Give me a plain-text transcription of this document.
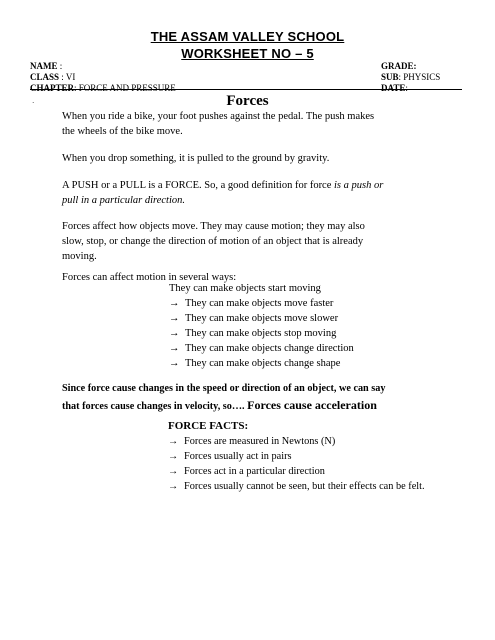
THE ASSAM VALLEY SCHOOL
WORKSHEET NO – 5
NAME :
CLASS : VI
CHAPTER: FORCE AND PRESSURE
GRADE:
SUB: PHYSICS
DATE:
·	Forces
When you ride a bike, your foot pushes against the pedal. The push makes
the wheels of the bike move.
When you drop something, it is pulled to the ground by gravity.
A PUSH or a PULL is a FORCE. So, a good definition for force is a push or
pull in a particular direction.
Forces affect how objects move. They may cause motion; they may also
slow, stop, or change the direction of motion of an object that is already
moving.
Forces can affect motion in several ways:
They can make objects start moving
→ They can make objects move faster
→ They can make objects move slower
→ They can make objects stop moving
→ They can make objects change direction
→ They can make objects change shape
Since force cause changes in the speed or direction of an object, we can say
that forces cause changes in velocity, so…. Forces cause acceleration
FORCE FACTS:
→ Forces are measured in Newtons (N)
→ Forces usually act in pairs
→ Forces act in a particular direction
→ Forces usually cannot be seen, but their effects can be felt.
